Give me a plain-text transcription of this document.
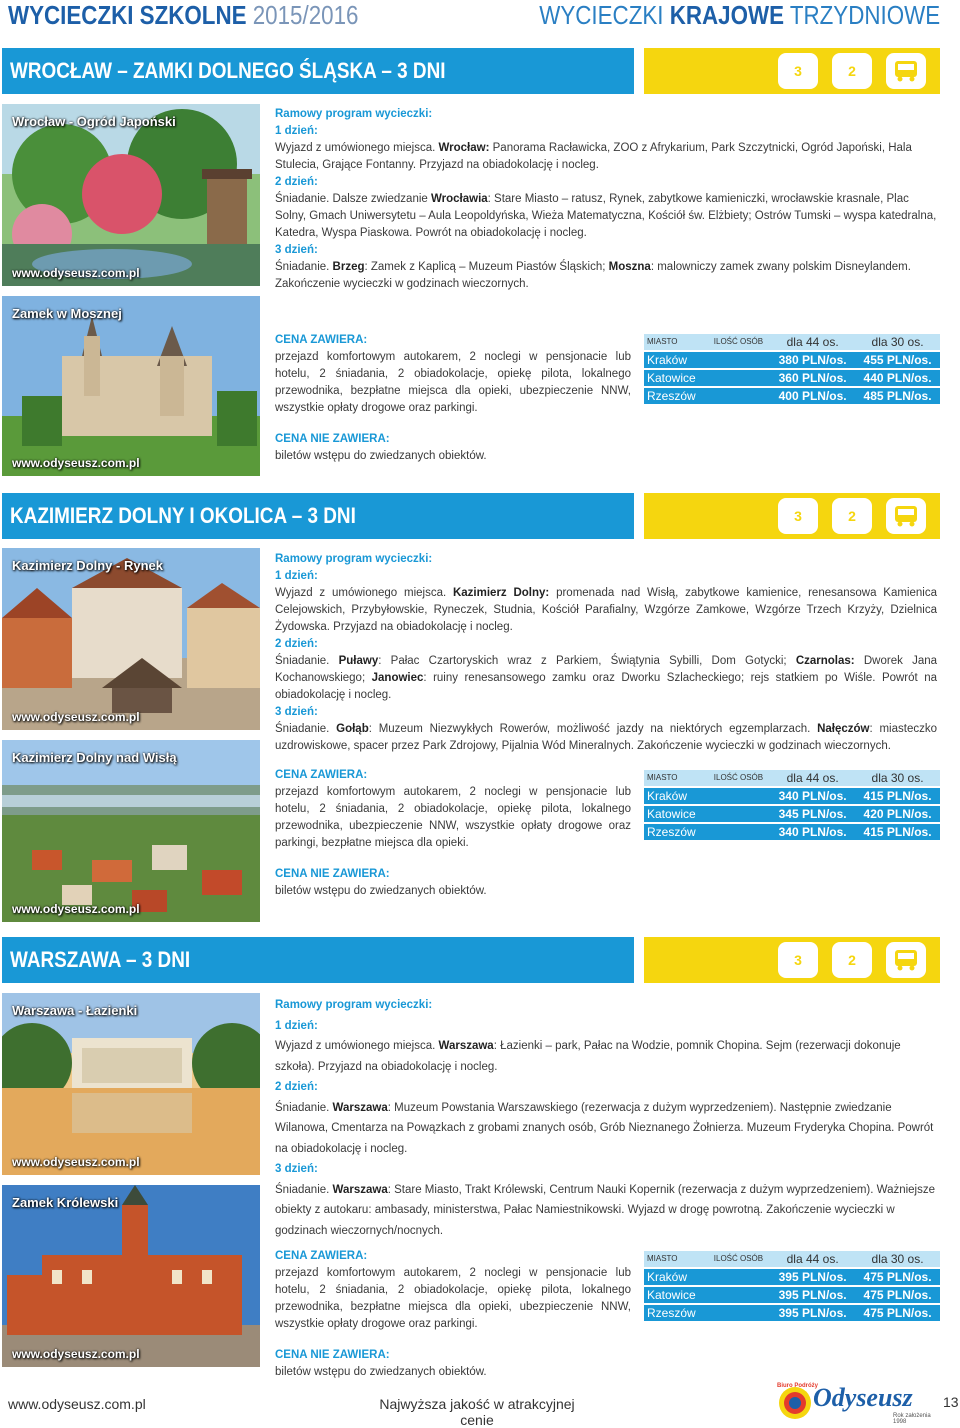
WYCIECZKI SZKOLNE 2015/2016	WYCIECZKI KRAJOWE TRZYDNIOWE
WROCŁAW – ZAMKI DOLNEGO ŚLĄSKA – 3 DNI	3	2
Wrocław - Ogród Japoński
www.odyseusz.com.pl
Ramowy program wycieczki:
1 dzień:
Wyjazd z umówionego miejsca. Wrocław: Panorama Racławicka, ZOO z Afrykarium, Park Szczytnicki, Ogród Japoński, Hala Stulecia, Grające Fontanny. Przyjazd na obiadokolację i nocleg.
2 dzień:
Śniadanie. Dalsze zwiedzanie Wrocławia: Stare Miasto – ratusz, Rynek, zabytkowe kamieniczki, wrocławskie krasnale, Plac Solny, Gmach Uniwersytetu – Aula Leopoldyńska, Wieża Matematyczna, Kościół św. Elżbiety; Ostrów Tumski – wyspa katedralna, Katedra, Wyspa Piaskowa. Powrót na obiadokolację i nocleg.
3 dzień:
Śniadanie. Brzeg: Zamek z Kaplicą – Muzeum Piastów Śląskich; Moszna: malowniczy zamek zwany polskim Disneylandem. Zakończenie wycieczki w godzinach wieczornych.
Zamek w Mosznej
www.odyseusz.com.pl
CENA ZAWIERA:
przejazd komfortowym autokarem, 2 noclegi w pensjonacie lub hotelu, 2 śniadania, 2 obiadokolacje, opiekę pilota, lokalnego przewodnika, bezpłatne miejsca dla opieki, ubezpieczenie NNW, wszystkie opłaty drogowe oraz parkingi.
CENA NIE ZAWIERA:
biletów wstępu do zwiedzanych obiektów.
MIASTO	ILOŚĆ OSÓB	dla 44 os.	dla 30 os.
Kraków		380 PLN/os.	455 PLN/os.
Katowice		360 PLN/os.	440 PLN/os.
Rzeszów		400 PLN/os.	485 PLN/os.
KAZIMIERZ DOLNY I OKOLICA – 3 DNI	3	2
Kazimierz Dolny - Rynek
www.odyseusz.com.pl
Ramowy program wycieczki:
1 dzień:
Wyjazd z umówionego miejsca. Kazimierz Dolny: promenada nad Wisłą, zabytkowe kamienice, renesansowa Kamienica Celejowskich, Przybyłowskie, Ryneczek, Studnia, Kościół Parafialny, Wzgórze Zamkowe, Wzgórze Trzech Krzyży, Dzielnica Żydowska. Przyjazd na obiadokolację i nocleg.
2 dzień:
Śniadanie. Puławy: Pałac Czartoryskich wraz z Parkiem, Świątynia Sybilli, Dom Gotycki; Czarnolas: Dworek Jana Kochanowskiego; Janowiec: ruiny renesansowego zamku oraz Dworku Szlacheckiego; rejs statkiem po Wiśle. Powrót na obiadokolację i nocleg.
3 dzień:
Śniadanie. Gołąb: Muzeum Niezwykłych Rowerów, możliwość jazdy na niektórych egzemplarzach. Nałęczów: miasteczko uzdrowiskowe, spacer przez Park Zdrojowy, Pijalnia Wód Mineralnych. Zakończenie wycieczki w godzinach wieczornych.
Kazimierz Dolny nad Wisłą
www.odyseusz.com.pl
CENA ZAWIERA:
przejazd komfortowym autokarem, 2 noclegi w pensjonacie lub hotelu, 2 śniadania, 2 obiadokolacje, opiekę pilota, lokalnego przewodnika, ubezpieczenie NNW, wszystkie opłaty drogowe oraz parkingi, bezpłatne miejsca dla opieki.
CENA NIE ZAWIERA:
biletów wstępu do zwiedzanych obiektów.
MIASTO	ILOŚĆ OSÓB	dla 44 os.	dla 30 os.
Kraków		340 PLN/os.	415 PLN/os.
Katowice		345 PLN/os.	420 PLN/os.
Rzeszów		340 PLN/os.	415 PLN/os.
WARSZAWA – 3 DNI	3	2
Warszawa - Łazienki
www.odyseusz.com.pl
Zamek Królewski
www.odyseusz.com.pl
Ramowy program wycieczki:
1 dzień:
Wyjazd z umówionego miejsca. Warszawa: Łazienki – park, Pałac na Wodzie, pomnik Chopina. Sejm (rezerwacji dokonuje szkoła). Przyjazd na obiadokolację i nocleg.
2 dzień:
Śniadanie. Warszawa: Muzeum Powstania Warszawskiego (rezerwacja z dużym wyprzedzeniem). Następnie zwiedzanie Wilanowa, Cmentarza na Powązkach z grobami znanych osób, Grób Nieznanego Żołnierza. Muzeum Fryderyka Chopina. Powrót na obiadokolację i nocleg.
3 dzień:
Śniadanie. Warszawa: Stare Miasto, Trakt Królewski, Centrum Nauki Kopernik (rezerwacja z dużym wyprzedzeniem). Ważniejsze obiekty z autokaru: ambasady, ministerstwa, Pałac Namiestnikowski. Wyjazd w drogę powrotną. Zakończenie wycieczki w godzinach wieczornych/nocnych.
CENA ZAWIERA:
przejazd komfortowym autokarem, 2 noclegi w pensjonacie lub hotelu, 2 śniadania, 2 obiadokolacje, opiekę pilota, lokalnego przewodnika, bezpłatne miejsca dla opieki, ubezpieczenie NNW, wszystkie opłaty drogowe oraz parkingi.
CENA NIE ZAWIERA:
biletów wstępu do zwiedzanych obiektów.
MIASTO	ILOŚĆ OSÓB	dla 44 os.	dla 30 os.
Kraków		395 PLN/os.	475 PLN/os.
Katowice		395 PLN/os.	475 PLN/os.
Rzeszów		395 PLN/os.	475 PLN/os.
www.odyseusz.com.pl	Najwyższa jakość w atrakcyjnej cenie
Biuro Podróży
Odyseusz
Rok założenia 1998
13
